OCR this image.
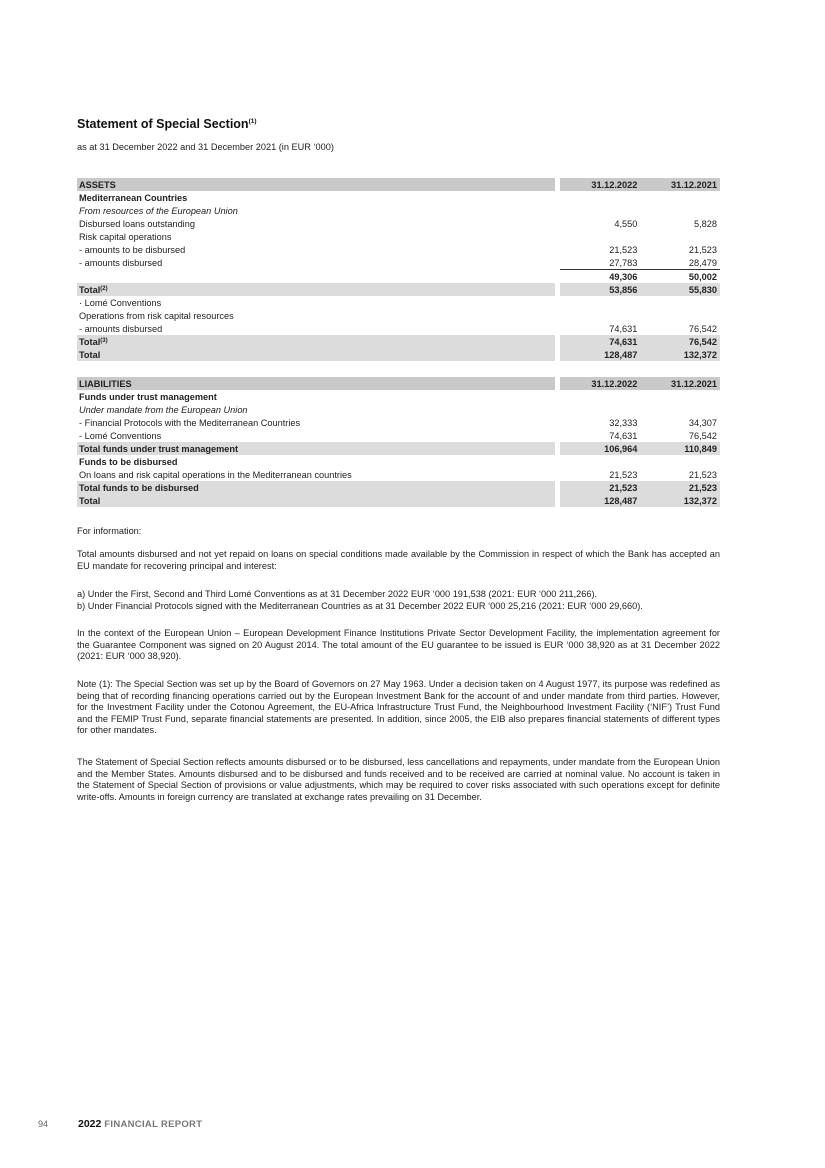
Statement of Special Section$^{(1)}$
as at 31 December 2022 and 31 December 2021 (in EUR ‘000)
ASSETS		31.12.2022	31.12.2021
Mediterranean Countries			
From resources of the European Union			
Disbursed loans outstanding		4,550	5,828
Risk capital operations			
- amounts to be disbursed		21,523	21,523
- amounts disbursed		27,783	28,479
		49,306	50,002
Total$^{(2)}$		53,856	55,830
· Lomé Conventions			
Operations from risk capital resources			
- amounts disbursed		74,631	76,542
Total$^{(3)}$		74,631	76,542
Total		128,487	132,372
LIABILITIES		31.12.2022	31.12.2021
Funds under trust management			
Under mandate from the European Union			
- Financial Protocols with the Mediterranean Countries		32,333	34,307
- Lomé Conventions		74,631	76,542
Total funds under trust management		106,964	110,849
Funds to be disbursed			
On loans and risk capital operations in the Mediterranean countries		21,523	21,523
Total funds to be disbursed		21,523	21,523
Total		128,487	132,372

For information:

Total amounts disbursed and not yet repaid on loans on special conditions made available by the Commission in respect of which the Bank has accepted an EU mandate for recovering principal and interest:

a) Under the First, Second and Third Lomé Conventions as at 31 December 2022 EUR ‘000 191,538 (2021: EUR ‘000 211,266).

b) Under Financial Protocols signed with the Mediterranean Countries as at 31 December 2022 EUR ‘000 25,216 (2021: EUR ‘000 29,660).

In the context of the European Union – European Development Finance Institutions Private Sector Development Facility, the implementation agreement for the Guarantee Component was signed on 20 August 2014. The total amount of the EU guarantee to be issued is EUR ‘000 38,920 as at 31 December 2022 (2021: EUR ‘000 38,920).

Note (1): The Special Section was set up by the Board of Governors on 27 May 1963. Under a decision taken on 4 August 1977, its purpose was redefined as being that of recording financing operations carried out by the European Investment Bank for the account of and under mandate from third parties. However, for the Investment Facility under the Cotonou Agreement, the EU-Africa Infrastructure Trust Fund, the Neighbourhood Investment Facility (‘NIF’) Trust Fund and the FEMIP Trust Fund, separate financial statements are presented. In addition, since 2005, the EIB also prepares financial statements of different types for other mandates.

The Statement of Special Section reflects amounts disbursed or to be disbursed, less cancellations and repayments, under mandate from the European Union and the Member States. Amounts disbursed and to be disbursed and funds received and to be received are carried at nominal value. No account is taken in the Statement of Special Section of provisions or value adjustments, which may be required to cover risks associated with such operations except for definite write-offs. Amounts in foreign currency are translated at exchange rates prevailing on 31 December.

94	2022 FINANCIAL REPORT
